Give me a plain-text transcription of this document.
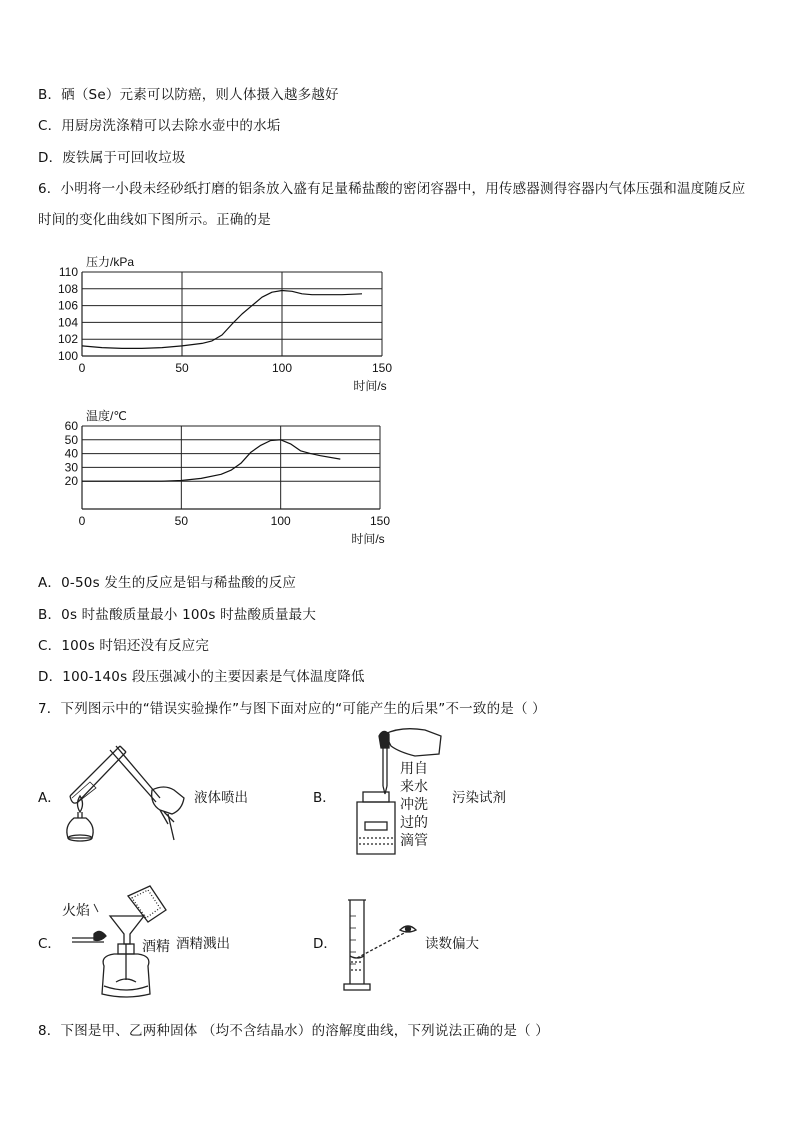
B．硒（Se）元素可以防癌，则人体摄入越多越好
C．用厨房洗涤精可以去除水壶中的水垢
D．废铁属于可回收垃圾
6．小明将一小段未经砂纸打磨的铝条放入盛有足量稀盐酸的密闭容器中，用传感器测得容器内气体压强和温度随反应
时间的变化曲线如下图所示。正确的是
压力/kPa
100
102
104
106
108
110
0	50	100	150
时间/s
温度/℃
20
30
40
50
60
0	50	100	150
时间/s
A．0-50s 发生的反应是铝与稀盐酸的反应
B．0s 时盐酸质量最小 100s 时盐酸质量最大
C．100s 时铝还没有反应完
D．100-140s 段压强减小的主要因素是气体温度降低
7．下列图示中的“错误实验操作”与图下面对应的“可能产生的后果”不一致的是（ ）
A．	液体喷出	B．
用自来水冲洗过的滴管
污染试剂
C．
火焰
酒精 酒精溅出	D．	读数偏大
8．下图是甲、乙两种固体 （均不含结晶水）的溶解度曲线，下列说法正确的是（ ）
